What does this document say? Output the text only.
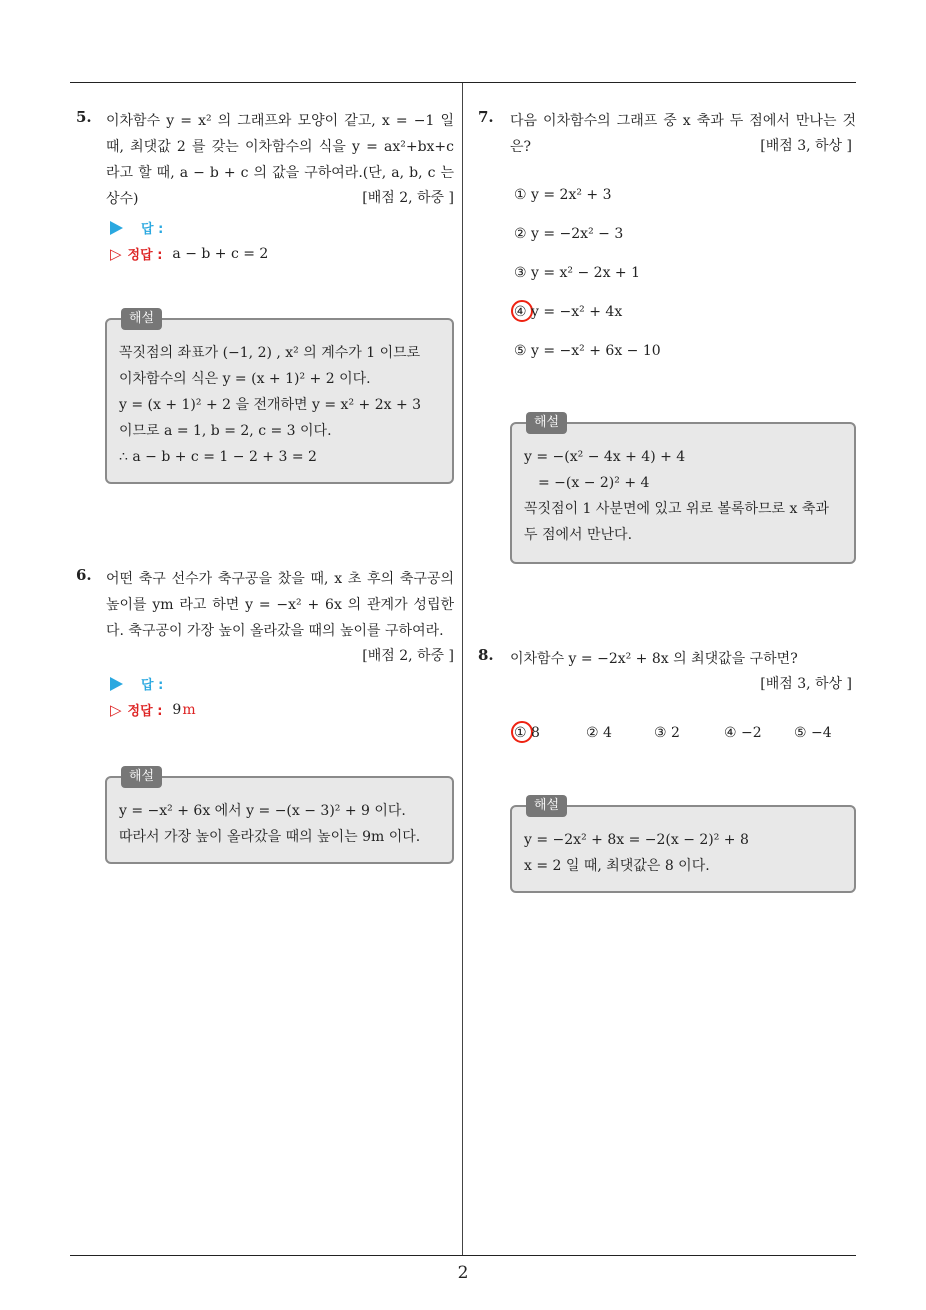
5. 이차함수 y = x² 의 그래프와 모양이 같고, x = −1 일 때, 최댓값 2 를 갖는 이차함수의 식을 y = ax²+bx+c 라고 할 때, a − b + c 의 값을 구하여라.(단, a, b, c 는 상수)	[배점 2, 하중 ]
답 :
▷ 정답 : a − b + c = 2
해설
꼭짓점의 좌표가 (−1, 2) , x² 의 계수가 1 이므로
이차함수의 식은 y = (x + 1)² + 2 이다.
y = (x + 1)² + 2 을 전개하면 y = x² + 2x + 3
이므로 a = 1, b = 2, c = 3 이다.
∴ a − b + c = 1 − 2 + 3 = 2
6. 어떤 축구 선수가 축구공을 찼을 때, x 초 후의 축구공의 높이를 ym 라고 하면 y = −x² + 6x 의 관계가 성립한다. 축구공이 가장 높이 올라갔을 때의 높이를 구하여라.
[배점 2, 하중 ]
답 :
▷ 정답 : 9m
해설
y = −x² + 6x 에서 y = −(x − 3)² + 9 이다.
따라서 가장 높이 올라갔을 때의 높이는 9m 이다.
7. 다음 이차함수의 그래프 중 x 축과 두 점에서 만나는 것은?	[배점 3, 하상 ]
① y = 2x² + 3
② y = −2x² − 3
③ y = x² − 2x + 1
④ y = −x² + 4x
⑤ y = −x² + 6x − 10
해설
y = −(x² − 4x + 4) + 4
= −(x − 2)² + 4
꼭짓점이 1 사분면에 있고 위로 볼록하므로 x 축과
두 점에서 만난다.
8. 이차함수 y = −2x² + 8x 의 최댓값을 구하면?
[배점 3, 하상 ]
① 8	② 4	③ 2	④ −2 ⑤ −4
해설
y = −2x² + 8x = −2(x − 2)² + 8
x = 2 일 때, 최댓값은 8 이다.
2
